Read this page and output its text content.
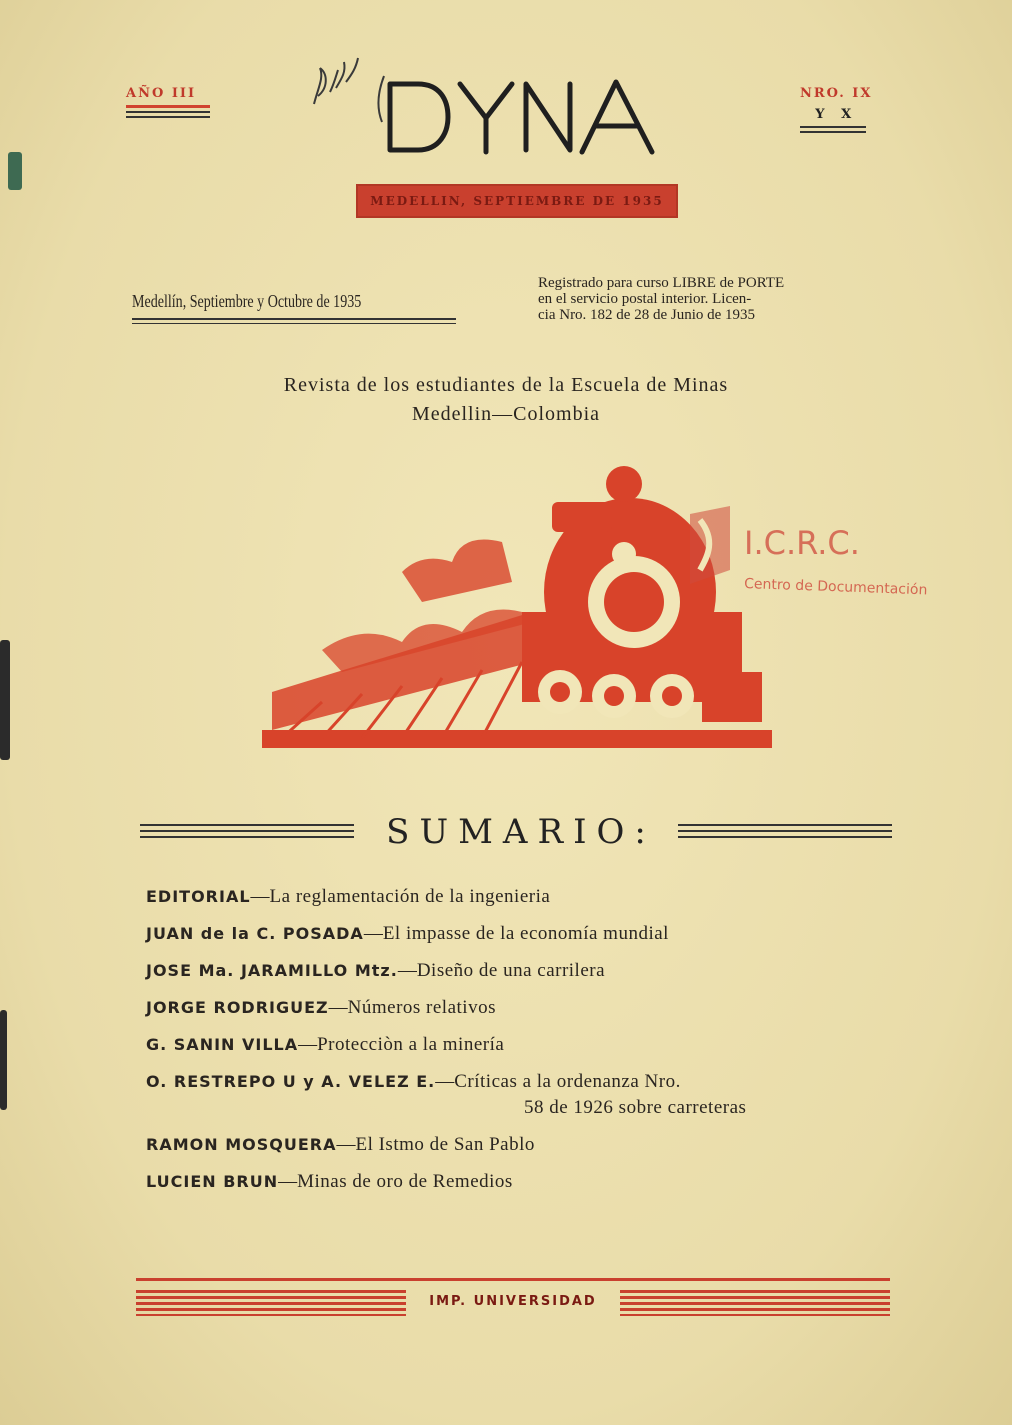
AÑO III	NRO. IX
Y X
MEDELLIN, SEPTIEMBRE DE 1935
Medellín, Septiembre y Octubre de 1935
Registrado para curso LIBRE de PORTE
en el servicio postal interior. Licen-
cia Nro. 182 de 28 de Junio de 1935
Revista de los estudiantes de la Escuela de Minas
Medellin—Colombia
I.C.R.C.
Centro de Documentación
SUMARIO:
EDITORIAL—La reglamentación de la ingenieria
JUAN de la C. POSADA—El impasse de la economía mundial
JOSE Ma. JARAMILLO Mtz.—Diseño de una carrilera
JORGE RODRIGUEZ—Números relativos
G. SANIN VILLA—Protecciòn a la minería
O. RESTREPO U y A. VELEZ E.—Críticas a la ordenanza Nro.
58 de 1926 sobre carreteras
RAMON MOSQUERA—El Istmo de San Pablo
LUCIEN BRUN—Minas de oro de Remedios
IMP. UNIVERSIDAD
